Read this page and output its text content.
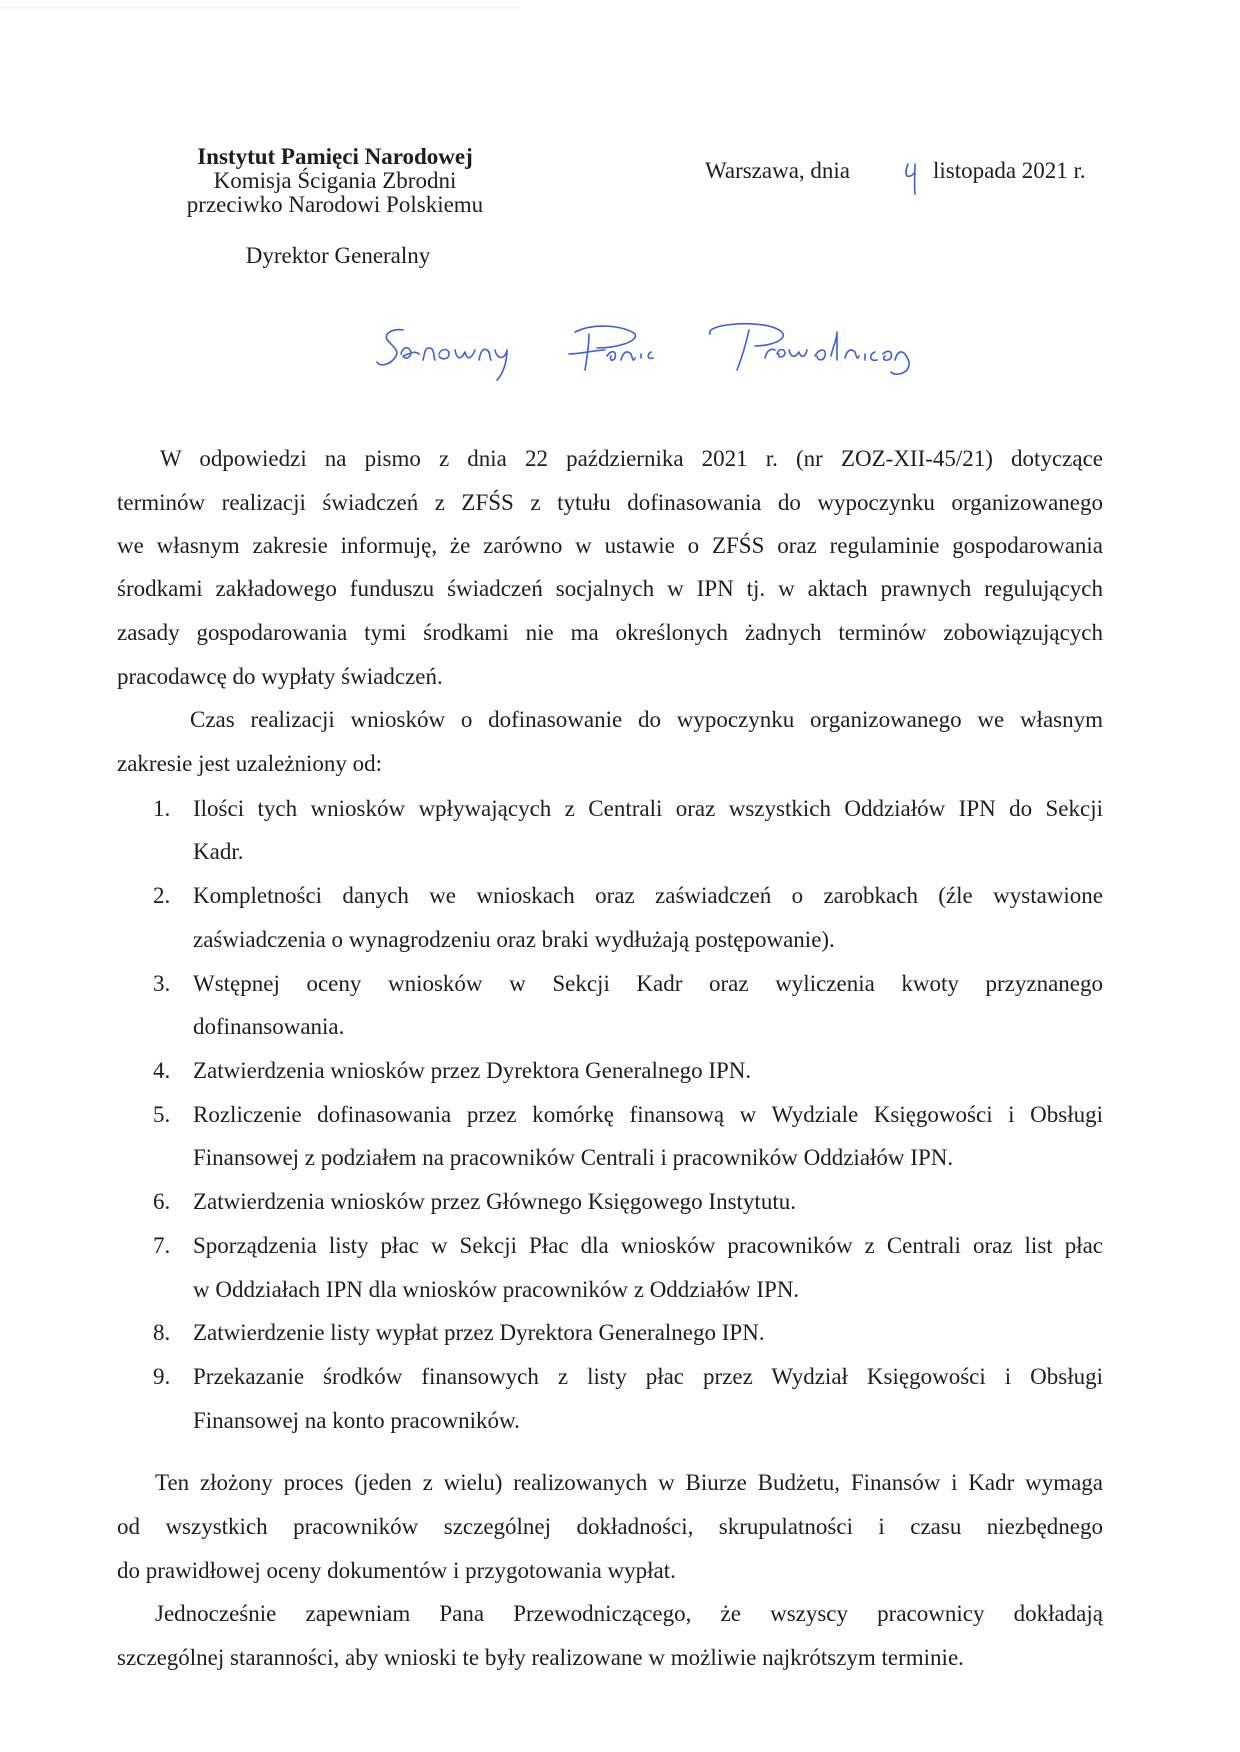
Instytut Pamięci Narodowej
Komisja Ścigania Zbrodni
przeciwko Narodowi Polskiemu
Dyrektor Generalny
Warszawa, dnia	listopada 2021 r.
W odpowiedzi na pismo z dnia 22 października 2021 r. (nr ZOZ-XII-45/21) dotyczące
terminów realizacji świadczeń z ZFŚS z tytułu dofinasowania do wypoczynku organizowanego
we własnym zakresie informuję, że zarówno w ustawie o ZFŚS oraz regulaminie gospodarowania
środkami zakładowego funduszu świadczeń socjalnych w IPN tj. w aktach prawnych regulujących
zasady gospodarowania tymi środkami nie ma określonych żadnych terminów zobowiązujących
pracodawcę do wypłaty świadczeń.
Czas realizacji wniosków o dofinasowanie do wypoczynku organizowanego we własnym
zakresie jest uzależniony od:
1. Ilości tych wniosków wpływających z Centrali oraz wszystkich Oddziałów IPN do Sekcji
Kadr.
2. Kompletności danych we wnioskach oraz zaświadczeń o zarobkach (źle wystawione
zaświadczenia o wynagrodzeniu oraz braki wydłużają postępowanie).
3. Wstępnej oceny wniosków w Sekcji Kadr oraz wyliczenia kwoty przyznanego
dofinansowania.
4. Zatwierdzenia wniosków przez Dyrektora Generalnego IPN.
5. Rozliczenie dofinasowania przez komórkę finansową w Wydziale Księgowości i Obsługi
Finansowej z podziałem na pracowników Centrali i pracowników Oddziałów IPN.
6. Zatwierdzenia wniosków przez Głównego Księgowego Instytutu.
7. Sporządzenia listy płac w Sekcji Płac dla wniosków pracowników z Centrali oraz list płac
w Oddziałach IPN dla wniosków pracowników z Oddziałów IPN.
8. Zatwierdzenie listy wypłat przez Dyrektora Generalnego IPN.
9. Przekazanie środków finansowych z listy płac przez Wydział Księgowości i Obsługi
Finansowej na konto pracowników.
Ten złożony proces (jeden z wielu) realizowanych w Biurze Budżetu, Finansów i Kadr wymaga
od wszystkich pracowników szczególnej dokładności, skrupulatności i czasu niezbędnego
do prawidłowej oceny dokumentów i przygotowania wypłat.
Jednocześnie zapewniam Pana Przewodniczącego, że wszyscy pracownicy dokładają
szczególnej staranności, aby wnioski te były realizowane w możliwie najkrótszym terminie.
